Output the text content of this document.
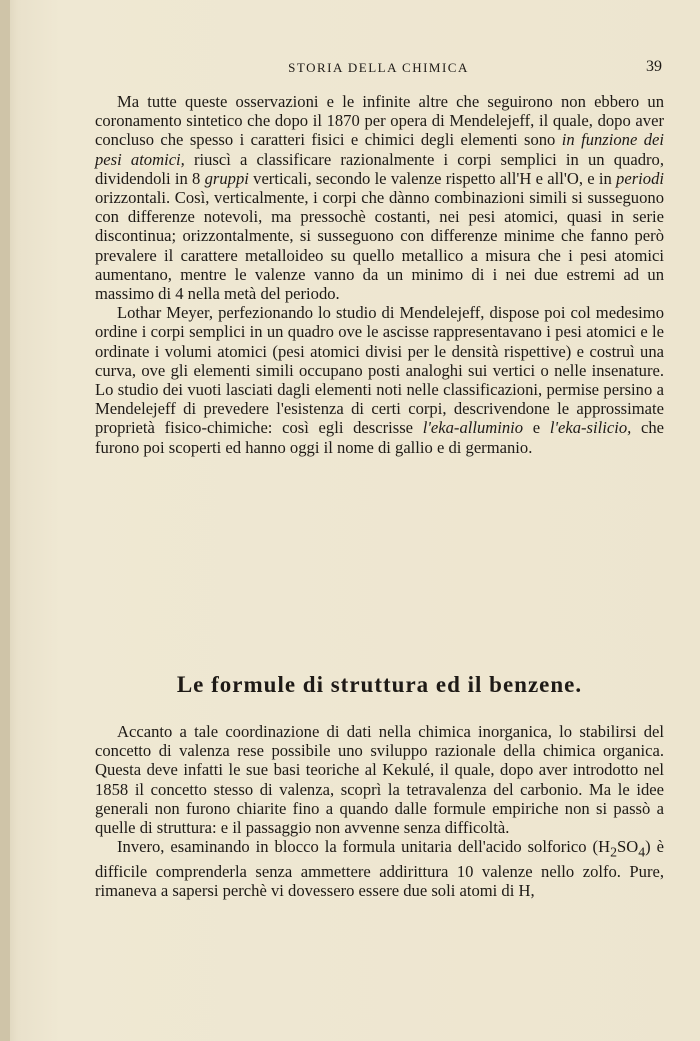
STORIA DELLA CHIMICA	39

Ma tutte queste osservazioni e le infinite altre che seguirono non ebbero un coronamento sintetico che dopo il 1870 per opera di Mendelejeff, il quale, dopo aver concluso che spesso i caratteri fisici e chimici degli elementi sono in funzione dei pesi atomici, riuscì a classificare razionalmente i corpi semplici in un quadro, dividendoli in 8 gruppi verticali, secondo le valenze rispetto all'H e all'O, e in periodi orizzontali. Così, verticalmente, i corpi che dànno combinazioni simili si susseguono con differenze notevoli, ma pressochè costanti, nei pesi atomici, quasi in serie discontinua; orizzontalmente, si susseguono con differenze minime che fanno però prevalere il carattere metalloideo su quello metallico a misura che i pesi atomici aumentano, mentre le valenze vanno da un minimo di i nei due estremi ad un massimo di 4 nella metà del periodo.

Lothar Meyer, perfezionando lo studio di Mendelejeff, dispose poi col medesimo ordine i corpi semplici in un quadro ove le ascisse rappresentavano i pesi atomici e le ordinate i volumi atomici (pesi atomici divisi per le densità rispettive) e costruì una curva, ove gli elementi simili occupano posti analoghi sui vertici o nelle insenature. Lo studio dei vuoti lasciati dagli elementi noti nelle classificazioni, permise persino a Mendelejeff di prevedere l'esistenza di certi corpi, descrivendone le approssimate proprietà fisico-chimiche: così egli descrisse l'eka-alluminio e l'eka-silicio, che furono poi scoperti ed hanno oggi il nome di gallio e di germanio.

Le formule di struttura ed il benzene.

Accanto a tale coordinazione di dati nella chimica inorganica, lo stabilirsi del concetto di valenza rese possibile uno sviluppo razionale della chimica organica. Questa deve infatti le sue basi teoriche al Kekulé, il quale, dopo aver introdotto nel 1858 il concetto stesso di valenza, scoprì la tetravalenza del carbonio. Ma le idee generali non furono chiarite fino a quando dalle formule empiriche non si passò a quelle di struttura: e il passaggio non avvenne senza difficoltà.

Invero, esaminando in blocco la formula unitaria dell'acido solforico $(H_2SO_4)$ è difficile comprenderla senza ammettere addirittura 10 valenze nello zolfo. Pure, rimaneva a sapersi perchè vi dovessero essere due soli atomi di H,
